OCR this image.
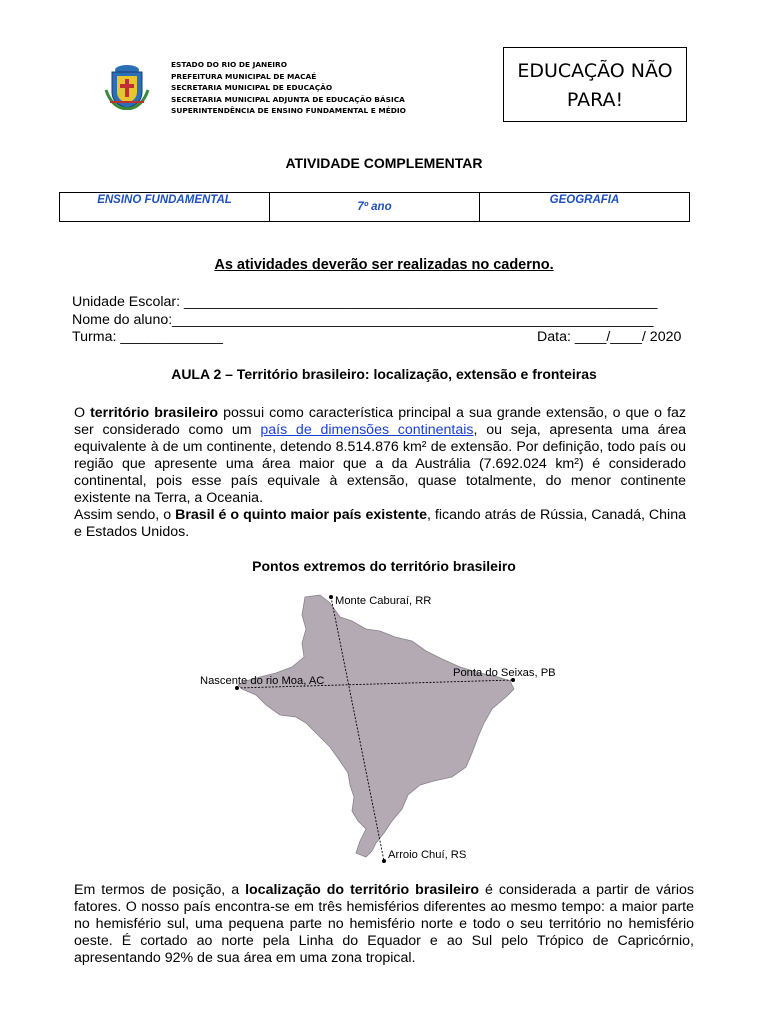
ESTADO DO RIO DE JANEIRO
PREFEITURA MUNICIPAL DE MACAÉ
SECRETARIA MUNICIPAL DE EDUCAÇÃO
SECRETARIA MUNICIPAL ADJUNTA DE EDUCAÇÃO BÁSICA
SUPERINTENDÊNCIA DE ENSINO FUNDAMENTAL E MÉDIO
EDUCAÇÃO NÃO
PARA!
ATIVIDADE COMPLEMENTAR
ENSINO FUNDAMENTAL
7º ano
GEOGRAFIA
As atividades deverão ser realizadas no caderno.
Unidade Escolar: ____________________________________________________________
Nome do aluno:_____________________________________________________________
Turma: _____________	Data: ____/____/ 2020
AULA 2 – Território brasileiro: localização, extensão e fronteiras
O território brasileiro possui como característica principal a sua grande extensão, o que o faz ser considerado como um país de dimensões continentais, ou seja, apresenta uma área equivalente à de um continente, detendo 8.514.876 km² de extensão. Por definição, todo país ou região que apresente uma área maior que a da Austrália (7.692.024 km²) é considerado continental, pois esse país equivale à extensão, quase totalmente, do menor continente existente na Terra, a Oceania.
Assim sendo, o Brasil é o quinto maior país existente, ficando atrás de Rússia, Canadá, China e Estados Unidos.
Pontos extremos do território brasileiro
Monte Caburaí, RR
Nascente do rio Moa, AC
Ponta do Seixas, PB
Arroio Chuí, RS
Em termos de posição, a localização do território brasileiro é considerada a partir de vários fatores. O nosso país encontra-se em três hemisférios diferentes ao mesmo tempo: a maior parte no hemisfério sul, uma pequena parte no hemisfério norte e todo o seu território no hemisfério oeste. É cortado ao norte pela Linha do Equador e ao Sul pelo Trópico de Capricórnio, apresentando 92% de sua área em uma zona tropical.
